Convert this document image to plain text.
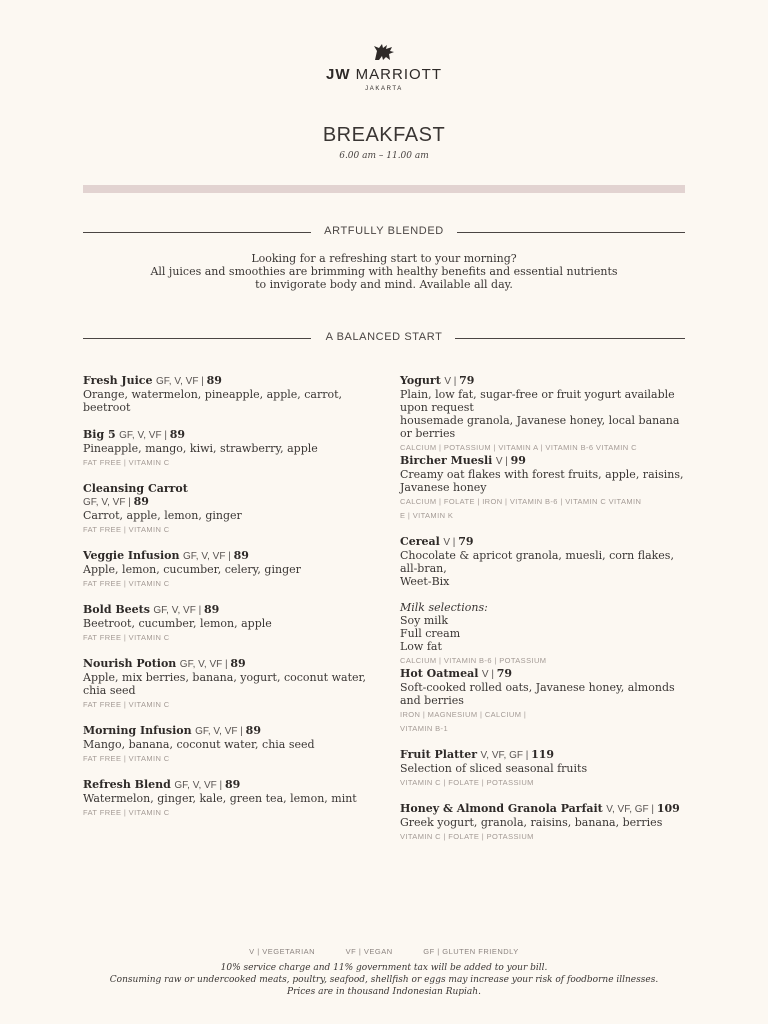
JW MARRIOTT
JAKARTA
BREAKFAST
6.00 am – 11.00 am
ARTFULLY BLENDED
Looking for a refreshing start to your morning?
All juices and smoothies are brimming with healthy benefits and essential nutrients
to invigorate body and mind. Available all day.
A BALANCED START
Fresh Juice GF, V, VF | 89
Orange, watermelon, pineapple, apple, carrot,
beetroot
Big 5 GF, V, VF | 89
Pineapple, mango, kiwi, strawberry, apple
FAT FREE | VITAMIN C
Cleansing Carrot
GF, V, VF | 89
Carrot, apple, lemon, ginger
FAT FREE | VITAMIN C
Veggie Infusion GF, V, VF | 89
Apple, lemon, cucumber, celery, ginger
FAT FREE | VITAMIN C
Bold Beets GF, V, VF | 89
Beetroot, cucumber, lemon, apple
FAT FREE | VITAMIN C
Nourish Potion GF, V, VF | 89
Apple, mix berries, banana, yogurt, coconut water,
chia seed
FAT FREE | VITAMIN C
Morning Infusion GF, V, VF | 89
Mango, banana, coconut water, chia seed
FAT FREE | VITAMIN C
Refresh Blend GF, V, VF | 89
Watermelon, ginger, kale, green tea, lemon, mint
FAT FREE | VITAMIN C
Yogurt V | 79
Plain, low fat, sugar-free or fruit yogurt available
upon request
housemade granola, Javanese honey, local banana
or berries
CALCIUM | POTASSIUM | VITAMIN A | VITAMIN B-6 VITAMIN C
Bircher Muesli V | 99
Creamy oat flakes with forest fruits, apple, raisins,
Javanese honey
CALCIUM | FOLATE | IRON | VITAMIN B-6 | VITAMIN C VITAMIN
E | VITAMIN K
Cereal V | 79
Chocolate & apricot granola, muesli, corn flakes,
all-bran,
Weet-Bix
Milk selections:
Soy milk
Full cream
Low fat
CALCIUM | VITAMIN B-6 | POTASSIUM
Hot Oatmeal V | 79
Soft-cooked rolled oats, Javanese honey, almonds
and berries
IRON | MAGNESIUM | CALCIUM |
VITAMIN B-1
Fruit Platter V, VF, GF | 119
Selection of sliced seasonal fruits
VITAMIN C | FOLATE | POTASSIUM
Honey & Almond Granola Parfait V, VF, GF | 109
Greek yogurt, granola, raisins, banana, berries
VITAMIN C | FOLATE | POTASSIUM
V | VEGETARIAN	VF | VEGAN	GF | GLUTEN FRIENDLY
10% service charge and 11% government tax will be added to your bill.
Consuming raw or undercooked meats, poultry, seafood, shellfish or eggs may increase your risk of foodborne illnesses.
Prices are in thousand Indonesian Rupiah.
